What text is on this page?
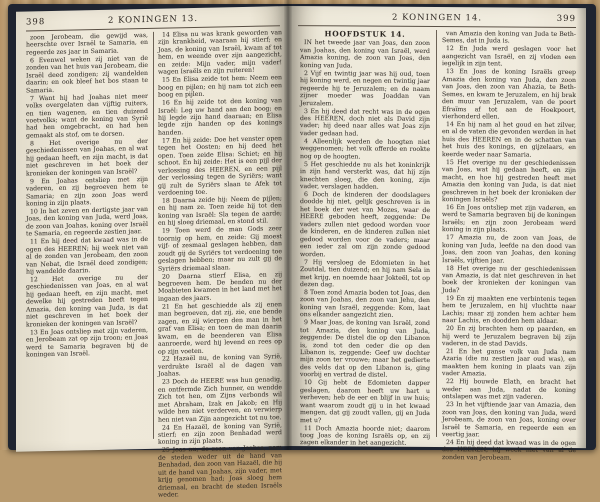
398	2 KONINGEN 13.

zoon Jerobeam, die gewijd was, heerschte over Israël te Samaria, en regeerde zes jaar in Samaria.

6 Evenwel weken zij niet van de zonden van het huis van Jerobeam, die Israël deed zondigen; zij wandelden daarin; en ook bleef het bos staan te Samaria.

7 Want hij had Joahas niet meer volks overgelaten dan vijftig ruiters, en tien wagenen, en tien duizend voetvolks; want de koning van Syrië had hen omgebracht, en had hen gemaakt als stof, om te dorsen.

8 Het overige nu der geschiedenissen van Joahas, en al wat hij gedaan heeft, en zijn macht, is dat niet geschreven in het boek der kronieken der koningen van Israël?

9 En Joahas ontsliep met zijn vaderen, en zij begroeven hem te Samaria; en zijn zoon Joas werd koning in zijn plaats.

10 In het zeven en dertigste jaar van Joas, den koning van Juda, werd Joas, de zoon van Joahas, koning over Israël te Samaria, en regeerde zestien jaar.

11 En hij deed dat kwaad was in de ogen des HEEREN; hij week niet van al de zonden van Jerobeam, den zoon van Nebat, die Israël deed zondigen; hij wandelde daarin.

12 Het overige nu der geschiedenissen van Joas, en al wat hij gedaan heeft, en zijn macht, met dewelke hij gestreden heeft tegen Amazia, den koning van Juda, is dat niet geschreven in het boek der kronieken der koningen van Israël?

13 En Joas ontsliep met zijn vaderen, en Jerobeam zat op zijn troon; en Joas werd te Samaria begraven bij de koningen van Israël.

14 Elisa nu was krank geworden van zijn krankheid, waaraan hij stierf; en Joas, de koning van Israël, kwam af tot hem, en weende over zijn aangezicht, en zeide: Mijn vader, mijn vader! wagen Israëls en zijn ruiteren!

15 En Elisa zeide tot hem: Neem een boog en pijlen; en hij nam tot zich een boog en pijlen.

16 En hij zeide tot den koning van Israël: Leg uw hand aan den boog; en hij legde zijn hand daaraan; en Elisa legde zijn handen op des konings handen.

17 En hij zeide: Doe het venster open tegen het Oosten; en hij deed het open. Toen zeide Elisa: Schiet; en hij schoot. En hij zeide: Het is een pijl der verlossing des HEEREN, en een pijl der verlossing tegen de Syriërs; want gij zult de Syriërs slaan te Afek tot verdoening toe.

18 Daarna zeide hij: Neem de pijlen; en hij nam ze. Toen zeide hij tot den koning van Israël: Sla tegen de aarde; en hij sloeg driemaal, en stond stil.

19 Toen werd de man Gods zeer toornig op hem, en zeide: Gij moest vijf- of zesmaal geslagen hebben, dan zoudt gij de Syriërs tot verdoening toe geslagen hebben; maar nu zult gij de Syriërs driemaal slaan.

20 Daarna stierf Elisa, en zij begroeven hem. De benden nu der Moabieten kwamen in het land met het ingaan des jaars.

21 En het geschiedde als zij enen man begroeven, dat zij, zie, ene bende zagen, en zij wierpen den man in het graf van Elisa; en toen de man daarin kwam, en de beenderen van Elisa aanroerde, werd hij levend en rees op op zijn voeten.

22 Hazaël nu, de koning van Syrië, verdrukte Israël al de dagen van Joahas.

23 Doch de HEERE was hun genadig, en ontfermde Zich hunner, en wendde Zich tot hen, om Zijns verbonds wil met Abraham, Izak en Jakob; en Hij wilde hen niet verderven, en verwierp hen niet van Zijn aangezicht tot nu toe.

24 En Hazaël, de koning van Syrië, stierf; en zijn zoon Benhadad werd koning in zijn plaats.

25 Joas nu, de zoon van Joahas, nam de steden weder uit de hand van Benhadad, den zoon van Hazaël, die hij uit de hand van Joahas, zijn vader, met krijg genomen had; Joas sloeg hem driemaal, en bracht de steden Israëls weder.

2 KONINGEN 14.	399
HOOFDSTUK 14.

IN het tweede jaar van Joas, den zoon van Joahas, den koning van Israël, werd Amazia koning, de zoon van Joas, den koning van Juda.

2 Vijf en twintig jaar was hij oud, toen hij koning werd, en negen en twintig jaar regeerde hij te Jeruzalem; en de naam zijner moeder was Joaddan van Jeruzalem.

3 En hij deed dat recht was in de ogen des HEEREN, doch niet als David zijn vader; hij deed naar alles wat Joas zijn vader gedaan had.

4 Alleenlijk werden de hoogten niet weggenomen; het volk offerde en rookte nog op de hoogten.

5 Het geschiedde nu als het koninkrijk in zijn hand versterkt was, dat hij zijn knechten sloeg, die den koning, zijn vader, verslagen hadden.

6 Doch de kinderen der doodslagers doodde hij niet, gelijk geschreven is in het boek der wet van Mozes, waar de HEERE geboden heeft, zeggende: De vaders zullen niet gedood worden voor de kinderen, en de kinderen zullen niet gedood worden voor de vaders; maar een ieder zal om zijn zonde gedood worden.

7 Hij versloeg de Edomieten in het Zoutdal, tien duizend; en hij nam Sela in met krijg, en noemde haar Jokteël, tot op dezen dag.

8 Toen zond Amazia boden tot Joas, den zoon van Joahas, den zoon van Jehu, den koning van Israël, zeggende: Kom, laat ons elkander aangezicht zien.

9 Maar Joas, de koning van Israël, zond tot Amazia, den koning van Juda, zeggende: De distel die op den Libanon is, zond tot den ceder die op den Libanon is, zeggende: Geef uw dochter mijn zoon ter vrouwe; maar het gedierte des velds dat op den Libanon is, ging voorbij en vertrad de distel.

10 Gij hebt de Edomieten dapper geslagen, daarom heeft uw hart u verheven; heb de eer en blijf in uw huis; want waarom zoudt gij u in het kwaad mengen, dat gij zoudt vallen, gij en Juda met u?

11 Doch Amazia hoorde niet; daarom toog Joas de koning Israëls op, en zij zagen elkander in het aangezicht.

van Amazia den koning van Juda te Beth-Semes, dat in Juda is.

12 En Juda werd geslagen voor het aangezicht van Israël, en zij vloden een iegelijk in zijn tent.

13 En Joas de koning Israëls greep Amazia den koning van Juda, den zoon van Joas, den zoon van Ahazia, te Beth-Semes, en kwam te Jeruzalem, en hij brak den muur van Jeruzalem, van de poort Efraïms af tot aan de Hoekpoort, vierhonderd ellen.

14 En hij nam al het goud en het zilver, en al de vaten die gevonden werden in het huis des HEEREN en in de schatten van het huis des konings, en gijzelaars, en keerde weder naar Samaria.

15 Het overige nu der geschiedenissen van Joas, wat hij gedaan heeft, en zijn macht, en hoe hij gestreden heeft met Amazia den koning van Juda, is dat niet geschreven in het boek der kronieken der koningen Israëls?

16 En Joas ontsliep met zijn vaderen, en werd te Samaria begraven bij de koningen Israëls; en zijn zoon Jerobeam werd koning in zijn plaats.

17 Amazia nu, de zoon van Joas, de koning van Juda, leefde na den dood van Joas, den zoon van Joahas, den koning Israëls, vijftien jaar.

18 Het overige nu der geschiedenissen van Amazia, is dat niet geschreven in het boek der kronieken der koningen van Juda?

19 En zij maakten ene verbintenis tegen hem te Jeruzalem, en hij vluchtte naar Lachis; maar zij zonden hem achter hem naar Lachis, en doodden hem aldaar.

20 En zij brachten hem op paarden, en hij werd te Jeruzalem begraven bij zijn vaderen, in de stad Davids.

21 En het ganse volk van Juda nam Azaria (die nu zestien jaar oud was), en maakten hem koning in plaats van zijn vader Amazia.

22 Hij bouwde Elath, en bracht het weder aan Juda, nadat de koning ontslapen was met zijn vaderen.

23 In het vijftiende jaar van Amazia, den zoon van Joas, den koning van Juda, werd Jerobeam, de zoon van Joas, koning over Israël te Samaria, en regeerde een en veertig jaar.

24 En hij deed dat kwaad was in de ogen des HEEREN; hij week niet van al de zonden van Jerobeam.
